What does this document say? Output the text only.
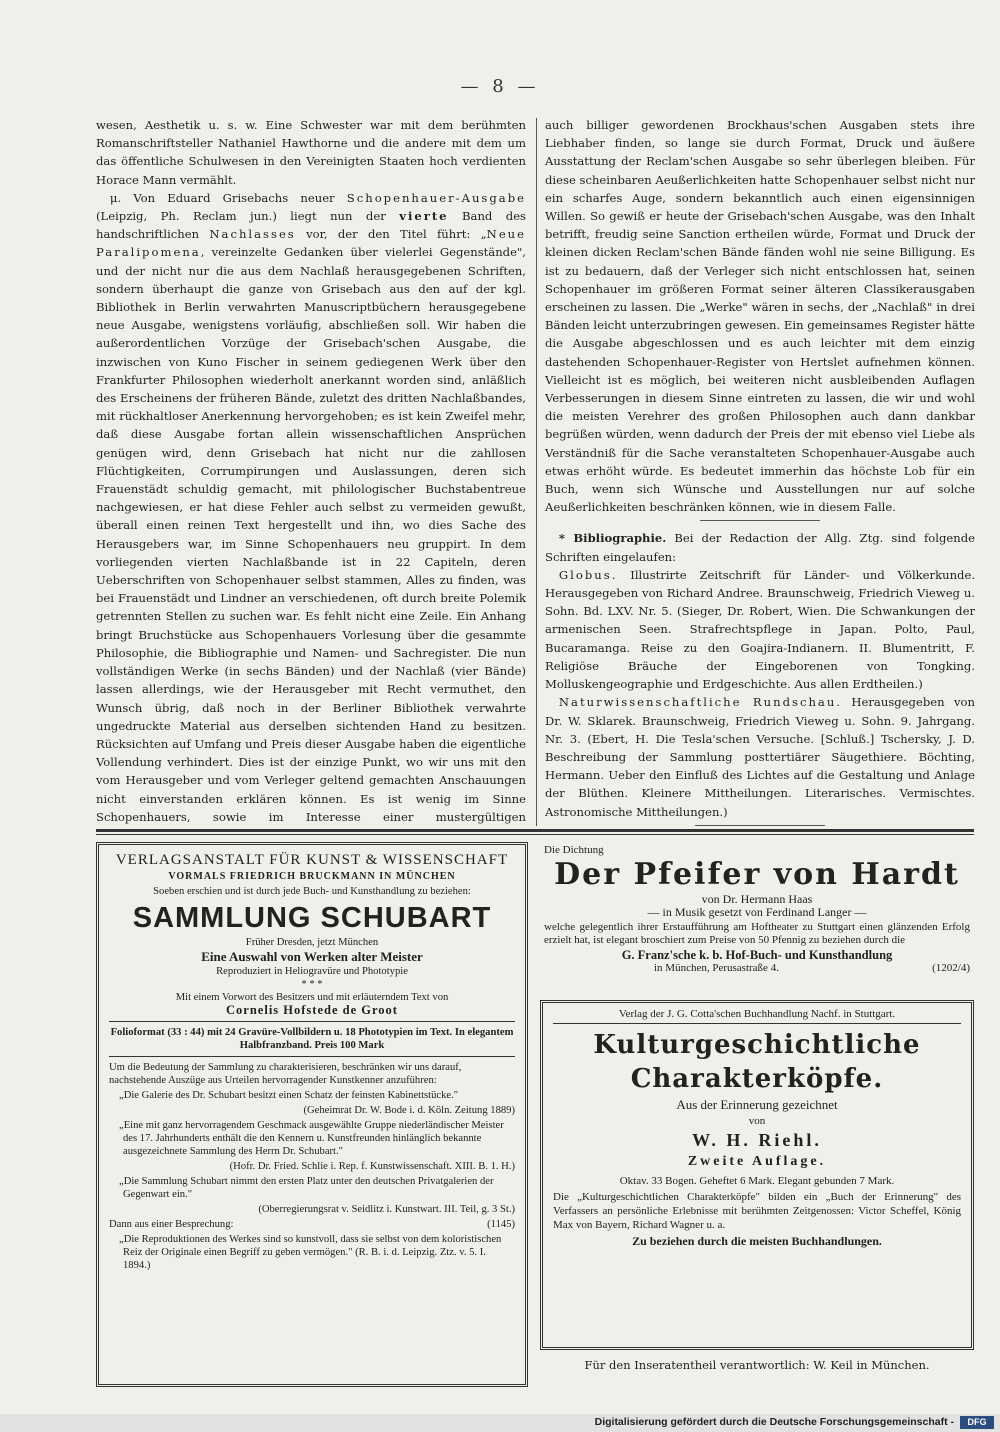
— 8 —

wesen, Aesthetik u. s. w. Eine Schwester war mit dem berühmten Romanschriftsteller Nathaniel Hawthorne und die andere mit dem um das öffentliche Schulwesen in den Vereinigten Staaten hoch verdienten Horace Mann vermählt.

μ. Von Eduard Grisebachs neuer Schopenhauer-Ausgabe (Leipzig, Ph. Reclam jun.) liegt nun der vierte Band des handschriftlichen Nachlasses vor, der den Titel führt: „Neue Paralipomena, vereinzelte Gedanken über vielerlei Gegenstände", und der nicht nur die aus dem Nachlaß herausgegebenen Schriften, sondern überhaupt die ganze von Grisebach aus den auf der kgl. Bibliothek in Berlin verwahrten Manuscriptbüchern herausgegebene neue Ausgabe, wenigstens vorläufig, abschließen soll. Wir haben die außerordentlichen Vorzüge der Grisebach'schen Ausgabe, die inzwischen von Kuno Fischer in seinem gediegenen Werk über den Frankfurter Philosophen wiederholt anerkannt worden sind, anläßlich des Erscheinens der früheren Bände, zuletzt des dritten Nachlaßbandes, mit rückhaltloser Anerkennung hervorgehoben; es ist kein Zweifel mehr, daß diese Ausgabe fortan allein wissenschaftlichen Ansprüchen genügen wird, denn Grisebach hat nicht nur die zahllosen Flüchtigkeiten, Corrumpirungen und Auslassungen, deren sich Frauenstädt schuldig gemacht, mit philologischer Buchstabentreue nachgewiesen, er hat diese Fehler auch selbst zu vermeiden gewußt, überall einen reinen Text hergestellt und ihn, wo dies Sache des Herausgebers war, im Sinne Schopenhauers neu gruppirt. In dem vorliegenden vierten Nachlaßbande ist in 22 Capiteln, deren Ueberschriften von Schopenhauer selbst stammen, Alles zu finden, was bei Frauenstädt und Lindner an verschiedenen, oft durch breite Polemik getrennten Stellen zu suchen war. Es fehlt nicht eine Zeile. Ein Anhang bringt Bruchstücke aus Schopenhauers Vorlesung über die gesammte Philosophie, die Bibliographie und Namen- und Sachregister. Die nun vollständigen Werke (in sechs Bänden) und der Nachlaß (vier Bände) lassen allerdings, wie der Herausgeber mit Recht vermuthet, den Wunsch übrig, daß noch in der Berliner Bibliothek verwahrte ungedruckte Material aus derselben sichtenden Hand zu besitzen. Rücksichten auf Umfang und Preis dieser Ausgabe haben die eigentliche Vollendung verhindert. Dies ist der einzige Punkt, wo wir uns mit den vom Herausgeber und vom Verleger geltend gemachten Anschauungen nicht einverstanden erklären können. Es ist wenig im Sinne Schopenhauers, sowie im Interesse einer mustergültigen

auch billiger gewordenen Brockhaus'schen Ausgaben stets ihre Liebhaber finden, so lange sie durch Format, Druck und äußere Ausstattung der Reclam'schen Ausgabe so sehr überlegen bleiben. Für diese scheinbaren Aeußerlichkeiten hatte Schopenhauer selbst nicht nur ein scharfes Auge, sondern bekanntlich auch einen eigensinnigen Willen. So gewiß er heute der Grisebach'schen Ausgabe, was den Inhalt betrifft, freudig seine Sanction ertheilen würde, Format und Druck der kleinen dicken Reclam'schen Bände fänden wohl nie seine Billigung. Es ist zu bedauern, daß der Verleger sich nicht entschlossen hat, seinen Schopenhauer im größeren Format seiner älteren Classikerausgaben erscheinen zu lassen. Die „Werke" wären in sechs, der „Nachlaß" in drei Bänden leicht unterzubringen gewesen. Ein gemeinsames Register hätte die Ausgabe abgeschlossen und es auch leichter mit dem einzig dastehenden Schopenhauer-Register von Hertslet aufnehmen können. Vielleicht ist es möglich, bei weiteren nicht ausbleibenden Auflagen Verbesserungen in diesem Sinne eintreten zu lassen, die wir und wohl die meisten Verehrer des großen Philosophen auch dann dankbar begrüßen würden, wenn dadurch der Preis der mit ebenso viel Liebe als Verständniß für die Sache veranstalteten Schopenhauer-Ausgabe auch etwas erhöht würde. Es bedeutet immerhin das höchste Lob für ein Buch, wenn sich Wünsche und Ausstellungen nur auf solche Aeußerlichkeiten beschränken können, wie in diesem Falle.

* Bibliographie. Bei der Redaction der Allg. Ztg. sind folgende Schriften eingelaufen:

Globus. Illustrirte Zeitschrift für Länder- und Völkerkunde. Herausgegeben von Richard Andree. Braunschweig, Friedrich Vieweg u. Sohn. Bd. LXV. Nr. 5. (Sieger, Dr. Robert, Wien. Die Schwankungen der armenischen Seen. Strafrechtspflege in Japan. Polto, Paul, Bucaramanga. Reise zu den Goajira-Indianern. II. Blumentritt, F. Religiöse Bräuche der Eingeborenen von Tongking. Molluskengeographie und Erdgeschichte. Aus allen Erdtheilen.)

Naturwissenschaftliche Rundschau. Herausgegeben von Dr. W. Sklarek. Braunschweig, Friedrich Vieweg u. Sohn. 9. Jahrgang. Nr. 3. (Ebert, H. Die Tesla'schen Versuche. [Schluß.] Tschersky, J. D. Beschreibung der Sammlung posttertiärer Säugethiere. Böchting, Hermann. Ueber den Einfluß des Lichtes auf die Gestaltung und Anlage der Blüthen. Kleinere Mittheilungen. Literarisches. Vermischtes. Astronomische Mittheilungen.)

VERLAGSANSTALT FÜR KUNST & WISSENSCHAFT
VORMALS FRIEDRICH BRUCKMANN IN MÜNCHEN

Soeben erschien und ist durch jede Buch- und Kunsthandlung zu beziehen:

SAMMLUNG SCHUBART
Früher Dresden, jetzt München
Eine Auswahl von Werken alter Meister
Reproduziert in Heliogravüre und Phototypie
* * *
Mit einem Vorwort des Besitzers und mit erläuterndem Text von
Cornelis Hofstede de Groot

Folioformat (33 : 44) mit 24 Gravüre-Vollbildern u. 18 Phototypien im Text. In elegantem Halbfranzband. Preis 100 Mark

Um die Bedeutung der Sammlung zu charakterisieren, beschränken wir uns darauf, nachstehende Auszüge aus Urteilen hervorragender Kunstkenner anzuführen:

„Die Galerie des Dr. Schubart besitzt einen Schatz der feinsten Kabinettstücke."

(Geheimrat Dr. W. Bode i. d. Köln. Zeitung 1889)

„Eine mit ganz hervorragendem Geschmack ausgewählte Gruppe niederländischer Meister des 17. Jahrhunderts enthält die den Kennern u. Kunstfreunden hinlänglich bekannte ausgezeichnete Sammlung des Herrn Dr. Schubart."

(Hofr. Dr. Fried. Schlie i. Rep. f. Kunstwissenschaft. XIII. B. 1. H.)

„Die Sammlung Schubart nimmt den ersten Platz unter den deutschen Privatgalerien der Gegenwart ein."

(Oberregierungsrat v. Seidlitz i. Kunstwart. III. Teil, g. 3 St.)

Dann aus einer Besprechung:	(1145)

„Die Reproduktionen des Werkes sind so kunstvoll, dass sie selbst von dem koloristischen Reiz der Originale einen Begriff zu geben vermögen." (R. B. i. d. Leipzig. Ztz. v. 5. I. 1894.)

Die Dichtung
Der Pfeifer von Hardt
von Dr. Hermann Haas
— in Musik gesetzt von Ferdinand Langer —

welche gelegentlich ihrer Erstaufführung am Hoftheater zu Stuttgart einen glänzenden Erfolg erzielt hat, ist elegant broschiert zum Preise von 50 Pfennig zu beziehen durch die

G. Franz'sche k. b. Hof-Buch- und Kunsthandlung
in München, Perusastraße 4.	(1202/4)
Verlag der J. G. Cotta'schen Buchhandlung Nachf. in Stuttgart.
Kulturgeschichtliche Charakterköpfe.
Aus der Erinnerung gezeichnet
von
W. H. Riehl.
Zweite Auflage.

Oktav. 33 Bogen. Geheftet 6 Mark. Elegant gebunden 7 Mark.

Die „Kulturgeschichtlichen Charakterköpfe" bilden ein „Buch der Erinnerung" des Verfassers an persönliche Erlebnisse mit berühmten Zeitgenossen: Victor Scheffel, König Max von Bayern, Richard Wagner u. a.

Zu beziehen durch die meisten Buchhandlungen.

Für den Inseratentheil verantwortlich: W. Keil in München.
Digitalisierung gefördert durch die Deutsche Forschungsgemeinschaft -	DFG
